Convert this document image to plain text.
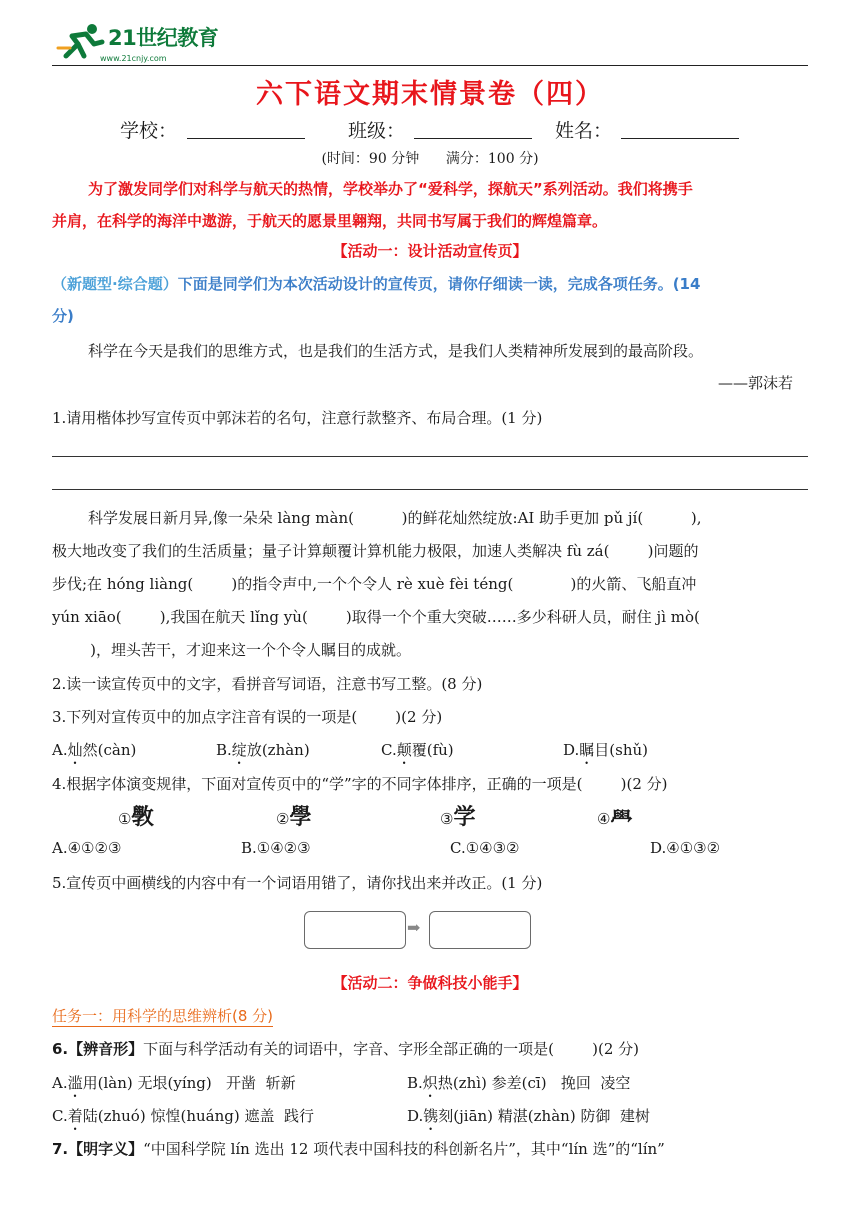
21世纪教育
www.21cnjy.com
六下语文期末情景卷（四）
学校：	班级：	姓名：
(时间：90 分钟      满分：100 分)
为了激发同学们对科学与航天的热情，学校举办了“爱科学，探航天”系列活动。我们将携手
并肩，在科学的海洋中遨游，于航天的愿景里翱翔，共同书写属于我们的辉煌篇章。
【活动一：设计活动宣传页】
（新题型·综合题）下面是同学们为本次活动设计的宣传页，请你仔细读一读，完成各项任务。(14
分)
科学在今天是我们的思维方式，也是我们的生活方式，是我们人类精神所发展到的最高阶段。
——郭沫若
1.请用楷体抄写宣传页中郭沫若的名句，注意行款整齐、布局合理。(1 分)
科学发展日新月异,像一朵朵 làng màn(          )的鲜花灿然绽放:AI 助手更加 pǔ jí(          ),
极大地改变了我们的生活质量；量子计算颠覆计算机能力极限，加速人类解决 fù zá(        )问题的
步伐;在 hóng liàng(        )的指令声中,一个个令人 rè xuè fèi téng(            )的火箭、飞船直冲
yún xiāo(        ),我国在航天 lǐng yù(        )取得一个个重大突破……多少科研人员，耐住 jì mò(
)，埋头苦干，才迎来这一个个令人瞩目的成就。
2.读一读宣传页中的文字，看拼音写词语，注意书写工整。(8 分)
3.下列对宣传页中的加点字注音有误的一项是(        )(2 分)
A.灿然(càn)	B.绽放(zhàn)	C.颠覆(fù)	D.瞩目(shǔ)
4.根据字体演变规律，下面对宣传页中的“学”字的不同字体排序，正确的一项是(        )(2 分)
①斆	②學	③学	④𦥯
A.④①②③	B.①④②③	C.①④③②	D.④①③②
5.宣传页中画横线的内容中有一个词语用错了，请你找出来并改正。(1 分)
➡
【活动二：争做科技小能手】
任务一：用科学的思维辨析(8 分)
6.【辨音形】下面与科学活动有关的词语中，字音、字形全部正确的一项是(        )(2 分)
A.滥用(làn) 无垠(yíng)   开凿  斩新	B.炽热(zhì) 参差(cī)   挽回  凌空
C.着陆(zhuó) 惊惶(huáng) 遮盖  践行	D.镌刻(jiān) 精湛(zhàn) 防御  建树
7.【明字义】“中国科学院 lín 选出 12 项代表中国科技的科创新名片”，其中“lín 选”的“lín”
